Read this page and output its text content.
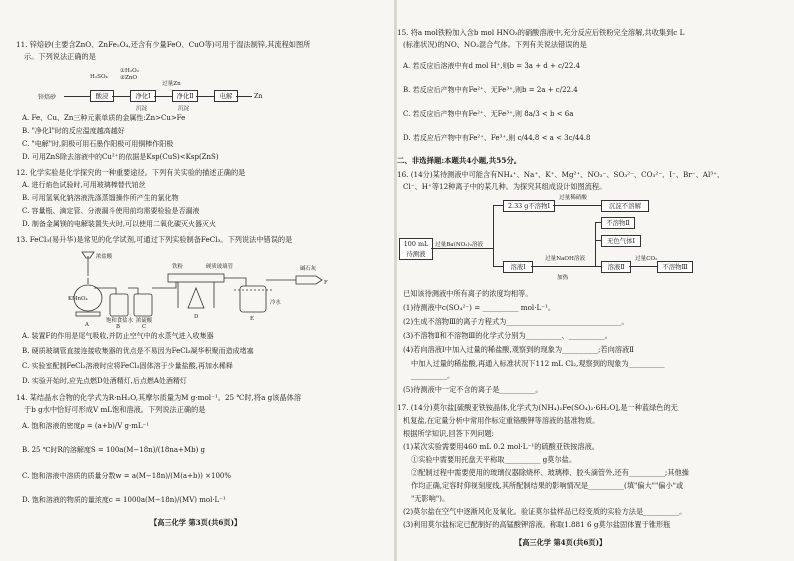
11. 锌焙砂(主要含ZnO、ZnFe₂O₄,还含有少量FeO、CuO等)可用于湿法制锌,其流程如图所
示。下列说法正确的是
锌焙砂
H₂SO₄
酸浸
①H₂O₂ ②ZnO
净化Ⅰ
沉淀
过量Zn
净化Ⅱ
沉淀
电解	Zn
A. Fe、Cu、Zn三种元素单质的金属性:Zn>Cu>Fe
B. "净化Ⅰ"时的反应温度越高越好
C. "电解"时,阴极可用石墨作阳极可用铜棒作阳极
D. 可用ZnS除去溶液中的Cu²⁺的依据是Ksp(CuS)<Ksp(ZnS)
12. 化学实验是化学探究的一种重要途径。下列有关实验的描述正确的是
A. 进行焰色试验时,可用玻璃棒替代铂丝
B. 可用氢氧化钠溶液洗涤蒸馏操作所产生的氯化物
C. 容量瓶、滴定管、分液漏斗使用前均需要检验是否漏液
D. 制备金属镁的电解装置失火时,可以使用二氧化碳灭火器灭火
13. FeCl₃(易升华)是常见的化学试剂,可通过下列实验制备FeCl₃。下列说法中错误的是
浓盐酸
KMnO₄
饱和食盐水 浓硫酸
铁粉	硬质玻璃管
冷水
碱石灰
A	B	C
D	E
F
A. 装置F的作用是尾气吸收,并防止空气中的水蒸气进入收集器
B. 硬质玻璃管直接连接收集器的优点是不易因为FeCl₃凝华积聚而造成堵塞
C. 实验室配制FeCl₃溶液时应将FeCl₃固体溶于少量盐酸,再加水稀释
D. 实验开始时,应先点燃D处酒精灯,后点燃A处酒精灯
14. 某结晶水合物的化学式为R·nH₂O,其摩尔质量为M g·mol⁻¹。25 ℃时,将a g该晶体溶
于b g水中恰好可形成V mL饱和溶液。下列说法正确的是
A. 饱和溶液的密度ρ = (a+b)/V g·mL⁻¹
B. 25 ℃时R的溶解度S = 100a(M−18n)/(18na+Mb) g
C. 饱和溶液中溶质的质量分数w = a(M−18n)/(M(a+b)) ×100%
D. 饱和溶液的物质的量浓度c = 1000a(M−18n)/(MV) mol·L⁻¹
【高三化学 第3页(共6页)】
15. 将a mol铁粉加入含b mol HNO₃的硝酸溶液中,充分反应后铁粉完全溶解,共收集到c L
(标准状况)的NO、NO₂混合气体。下列有关说法错误的是
A. 若反应后溶液中有d mol H⁺,则b = 3a + d + c/22.4
B. 若反应后产物中有Fe²⁺、无Fe³⁺,则b = 2a + c/22.4
C. 若反应后产物中有Fe²⁺、无Fe³⁺,则 8a/3 < b < 6a
D. 若反应后产物中有Fe²⁺、Fe³⁺,则 c/44.8 < a < 3c/44.8
二、非选择题:本题共4小题,共55分。
16. (14分)某待测液中可能含有NH₄⁺、Na⁺、K⁺、Mg²⁺、NO₃⁻、SO₃²⁻、CO₃²⁻、I⁻、Br⁻、Al³⁺、
Cl⁻、H⁺等12种离子中的某几种。为探究其组成设计如图流程。
100 mL 待测液
过量Ba(NO₃)₂溶液
2.33 g不溶物Ⅰ
过量稀硝酸
沉淀不溶解
溶液Ⅰ
过量NaOH溶液
加热
不溶物Ⅱ
无色气体Ⅰ
溶液Ⅱ
过量CO₂
不溶物Ⅲ
已知该待测液中所有离子的浓度均相等。
(1)待测液中c(SO₄²⁻) = __________ mol·L⁻¹。
(2)生成不溶物Ⅲ的离子方程式为________________________________。
(3)不溶物Ⅱ和不溶物Ⅲ的化学式分别为__________、__________。
(4)若向溶液Ⅰ中加入过量的稀盐酸,观察到的现象为__________;若向溶液Ⅱ
中加入过量的稀盐酸,再通入标准状况下112 mL Cl₂,观察到的现象为__________
__________。
(5)待测液中一定不含的离子是__________。
17. (14分)莫尔盐[硫酸亚铁铵晶体,化学式为(NH₄)₂Fe(SO₄)₂·6H₂O],是一种蓝绿色的无
机复盐,在定量分析中常用作标定重铬酸钾等溶液的基准物质。
根据所学知识,回答下列问题:
(1)某次实验需要用460 mL 0.2 mol·L⁻¹的硫酸亚铁铵溶液。
①实验中需要用托盘天平称取__________ g莫尔盐。
②配制过程中需要使用的玻璃仪器除烧杯、玻璃棒、胶头滴管外,还有__________;其他操
作均正确,定容时仰视刻度线,其所配制结果的影响情况是__________(填"偏大""偏小"或
"无影响")。
(2)莫尔盐在空气中逐渐风化及氧化。验证莫尔盐样品已经变质的实验方法是__________。
(3)利用莫尔盐标定已配制好的高锰酸钾溶液。称取1.881 6 g莫尔盐固体置于锥形瓶
【高三化学 第4页(共6页)】
